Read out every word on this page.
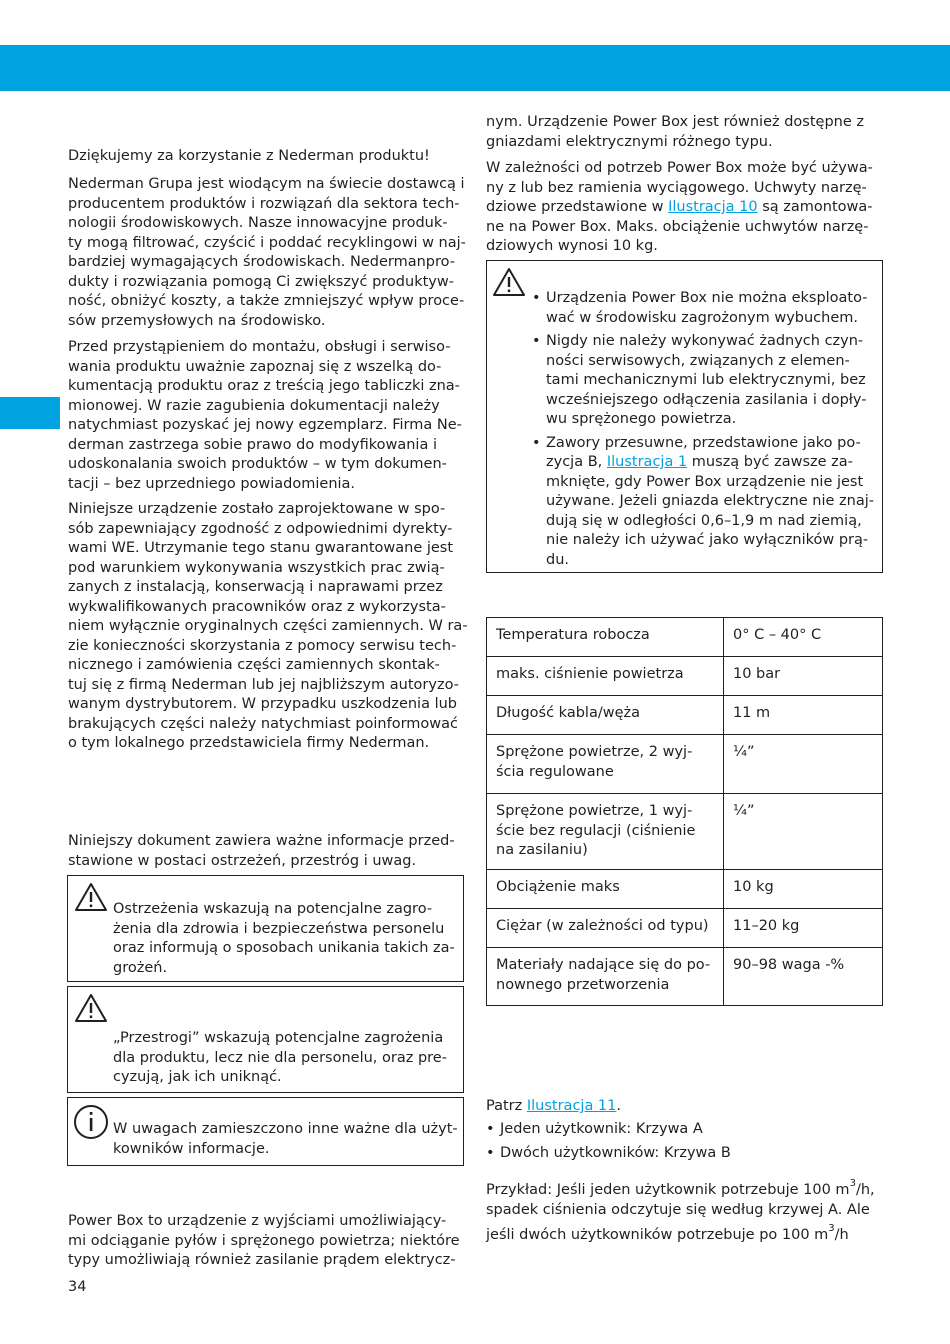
Dziękujemy za korzystanie z Nederman produktu!
Nederman Grupa jest wiodącym na świecie dostawcą i
producentem produktów i rozwiązań dla sektora tech-
nologii środowiskowych. Nasze innowacyjne produk-
ty mogą filtrować, czyścić i poddać recyklingowi w naj-
bardziej wymagających środowiskach. Nedermanpro-
dukty i rozwiązania pomogą Ci zwiększyć produktyw-
ność, obniżyć koszty, a także zmniejszyć wpływ proce-
sów przemysłowych na środowisko.
Przed przystąpieniem do montażu, obsługi i serwiso-
wania produktu uważnie zapoznaj się z wszelką do-
kumentacją produktu oraz z treścią jego tabliczki zna-
mionowej. W razie zagubienia dokumentacji należy
natychmiast pozyskać jej nowy egzemplarz. Firma Ne-
derman zastrzega sobie prawo do modyfikowania i
udoskonalania swoich produktów – w tym dokumen-
tacji – bez uprzedniego powiadomienia.
Niniejsze urządzenie zostało zaprojektowane w spo-
sób zapewniający zgodność z odpowiednimi dyrekty-
wami WE. Utrzymanie tego stanu gwarantowane jest
pod warunkiem wykonywania wszystkich prac zwią-
zanych z instalacją, konserwacją i naprawami przez
wykwalifikowanych pracowników oraz z wykorzysta-
niem wyłącznie oryginalnych części zamiennych. W ra-
zie konieczności skorzystania z pomocy serwisu tech-
nicznego i zamówienia części zamiennych skontak-
tuj się z firmą Nederman lub jej najbliższym autoryzo-
wanym dystrybutorem. W przypadku uszkodzenia lub
brakujących części należy natychmiast poinformować
o tym lokalnego przedstawiciela firmy Nederman.
Niniejszy dokument zawiera ważne informacje przed-
stawione w postaci ostrzeżeń, przestróg i uwag.
Ostrzeżenia wskazują na potencjalne zagro-
żenia dla zdrowia i bezpieczeństwa personelu
oraz informują o sposobach unikania takich za-
grożeń.
„Przestrogi” wskazują potencjalne zagrożenia
dla produktu, lecz nie dla personelu, oraz pre-
cyzują, jak ich uniknąć.
W uwagach zamieszczono inne ważne dla użyt-
kowników informacje.
Power Box to urządzenie z wyjściami umożliwiający-
mi odciąganie pyłów i sprężonego powietrza; niektóre
typy umożliwiają również zasilanie prądem elektrycz-
34
nym. Urządzenie Power Box jest również dostępne z
gniazdami elektrycznymi różnego typu.
W zależności od potrzeb Power Box może być używa-
ny z lub bez ramienia wyciągowego. Uchwyty narzę-
dziowe przedstawione w Ilustracja 10 są zamontowa-
ne na Power Box. Maks. obciążenie uchwytów narzę-
dziowych wynosi 10 kg.
• Urządzenia Power Box nie można eksploato-
wać w środowisku zagrożonym wybuchem.
• Nigdy nie należy wykonywać żadnych czyn-
ności serwisowych, związanych z elemen-
tami mechanicznymi lub elektrycznymi, bez
wcześniejszego odłączenia zasilania i dopły-
wu sprężonego powietrza.
• Zawory przesuwne, przedstawione jako po-
zycja B, Ilustracja 1 muszą być zawsze za-
mknięte, gdy Power Box urządzenie nie jest
używane. Jeżeli gniazda elektryczne nie znaj-
dują się w odległości 0,6–1,9 m nad ziemią,
nie należy ich używać jako wyłączników prą-
du.
Temperatura robocza	0° C – 40° C
maks. ciśnienie powietrza	10 bar
Długość kabla/węża	11 m
Sprężone powietrze, 2 wyj-
ścia regulowane	¼”
Sprężone powietrze, 1 wyj-
ście bez regulacji (ciśnienie
na zasilaniu)	¼”
Obciążenie maks	10 kg
Ciężar (w zależności od typu)	11–20 kg
Materiały nadające się do po-
nownego przetworzenia	90–98 waga -%
Patrz Ilustracja 11.
• Jeden użytkownik: Krzywa A
• Dwóch użytkowników: Krzywa B
Przykład: Jeśli jeden użytkownik potrzebuje 100 $m^3/h$,
spadek ciśnienia odczytuje się według krzywej A. Ale
jeśli dwóch użytkowników potrzebuje po 100 $m^3/h$
